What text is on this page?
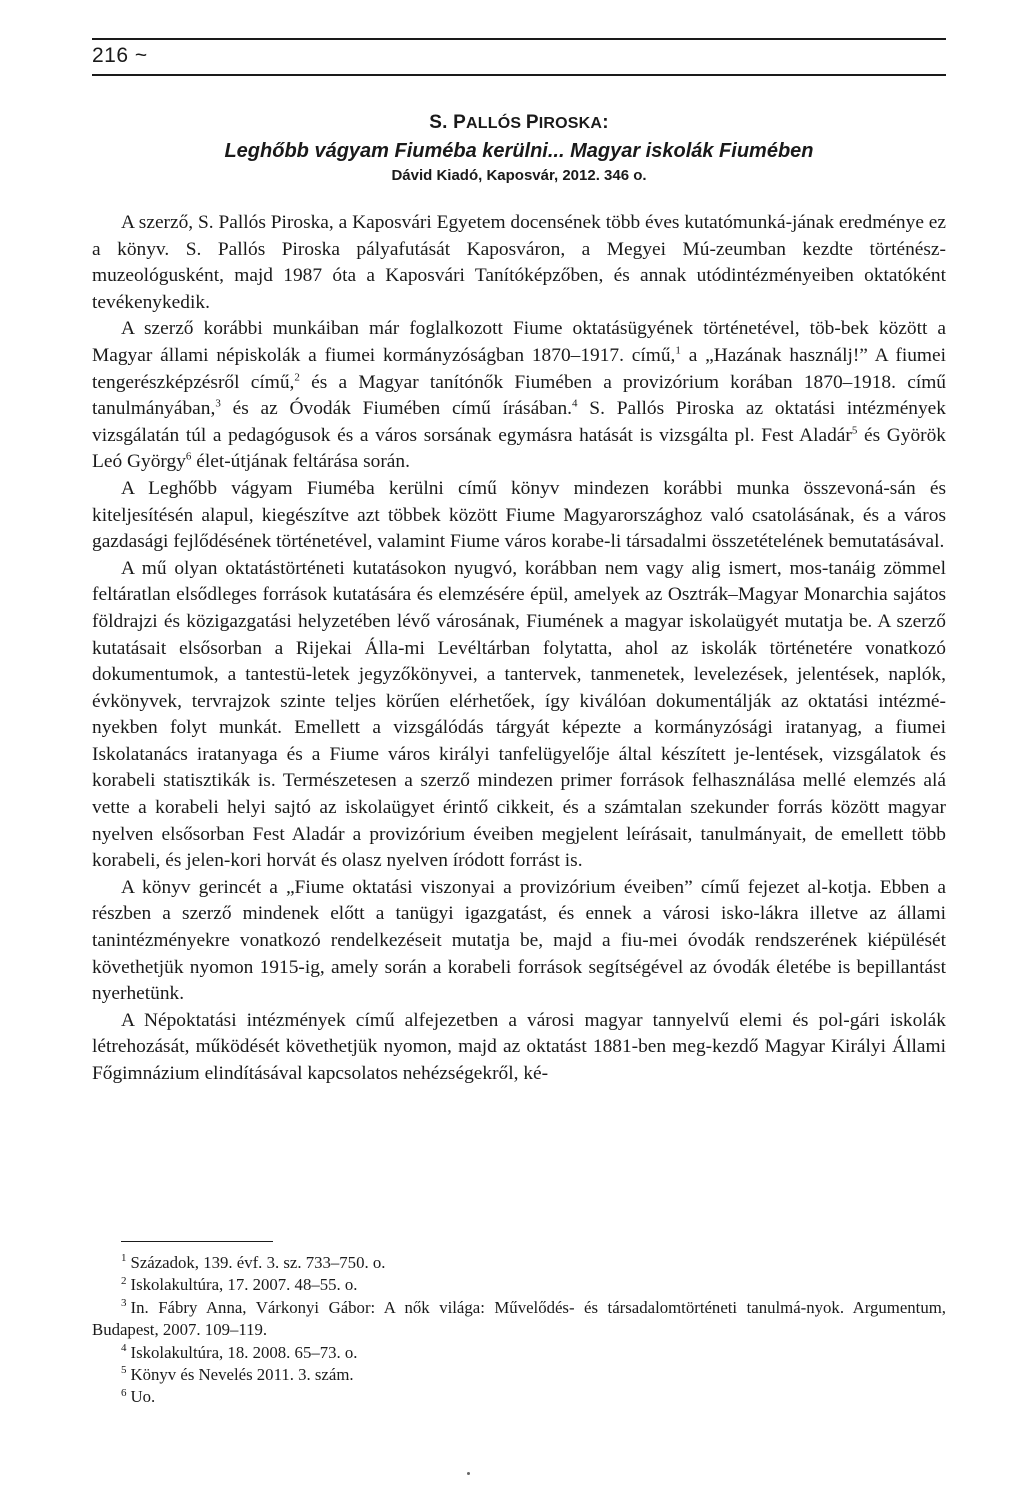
216 ~
S. PALLÓS PIROSKA:
Leghőbb vágyam Fiumébа kerülni... Magyar iskolák Fiumében
Dávid Kiadó, Kaposvár, 2012. 346 o.

A szerző, S. Pallós Piroska, a Kaposvári Egyetem docensének több éves kutatómunká-jának eredménye ez a könyv. S. Pallós Piroska pályafutását Kaposváron, a Megyei Mú-zeumban kezdte történész-muzeológusként, majd 1987 óta a Kaposvári Tanítóképzőben, és annak utódintézményeiben oktatóként tevékenykedik.

A szerző korábbi munkáiban már foglalkozott Fiume oktatásügyének történetével, töb-bek között a Magyar állami népiskolák a fiumei kormányzóságban 1870–1917. című,$^1$ a „Hazának használj!” A fiumei tengerészképzésről című,$^2$ és a Magyar tanítónők Fiumében a provizórium korában 1870–1918. című tanulmányában,$^3$ és az Óvodák Fiumében című írásában.$^4$ S. Pallós Piroska az oktatási intézmények vizsgálatán túl a pedagógusok és a város sorsának egymásra hatását is vizsgálta pl. Fest Aladár$^5$ és Györök Leó György$^6$ élet-útjának feltárása során.

A Leghőbb vágyam Fiumébа kerülni című könyv mindezen korábbi munka összevoná-sán és kiteljesítésén alapul, kiegészítve azt többek között Fiume Magyarországhoz való csatolásának, és a város gazdasági fejlődésének történetével, valamint Fiume város korabe-li társadalmi összetételének bemutatásával.

A mű olyan oktatástörténeti kutatásokon nyugvó, korábban nem vagy alig ismert, mos-tanáig zömmel feltáratlan elsődleges források kutatására és elemzésére épül, amelyek az Osztrák–Magyar Monarchia sajátos földrajzi és közigazgatási helyzetében lévő városának, Fiumének a magyar iskolaügyét mutatja be. A szerző kutatásait elsősorban a Rijekai Álla-mi Levéltárban folytatta, ahol az iskolák történetére vonatkozó dokumentumok, a tantestü-letek jegyzőkönyvei, a tantervek, tanmenetek, levelezések, jelentések, naplók, évkönyvek, tervrajzok szinte teljes körűen elérhetőek, így kiválóan dokumentálják az oktatási intézmé-nyekben folyt munkát. Emellett a vizsgálódás tárgyát képezte a kormányzósági iratanyag, a fiumei Iskolatanács iratanyaga és a Fiume város királyi tanfelügyelője által készített je-lentések, vizsgálatok és korabeli statisztikák is. Természetesen a szerző mindezen primer források felhasználása mellé elemzés alá vette a korabeli helyi sajtó az iskolaügyet érintő cikkeit, és a számtalan szekunder forrás között magyar nyelven elsősorban Fest Aladár a provizórium éveiben megjelent leírásait, tanulmányait, de emellett több korabeli, és jelen-kori horvát és olasz nyelven íródott forrást is.

A könyv gerincét a „Fiume oktatási viszonyai a provizórium éveiben” című fejezet al-kotja. Ebben a részben a szerző mindenek előtt a tanügyi igazgatást, és ennek a városi isko-lákra illetve az állami tanintézményekre vonatkozó rendelkezéseit mutatja be, majd a fiu-mei óvodák rendszerének kiépülését követhetjük nyomon 1915-ig, amely során a korabeli források segítségével az óvodák életébe is bepillantást nyerhetünk.

A Népoktatási intézmények című alfejezetben a városi magyar tannyelvű elemi és pol-gári iskolák létrehozását, működését követhetjük nyomon, majd az oktatást 1881-ben meg-kezdő Magyar Királyi Állami Főgimnázium elindításával kapcsolatos nehézségekről, ké-

$^1$ Századok, 139. évf. 3. sz. 733–750. o.

$^2$ Iskolakultúra, 17. 2007. 48–55. o.

$^3$ In. Fábry Anna, Várkonyi Gábor: A nők világa: Művelődés- és társadalomtörténeti tanulmá-nyok. Argumentum, Budapest, 2007. 109–119.

$^4$ Iskolakultúra, 18. 2008. 65–73. o.

$^5$ Könyv és Nevelés 2011. 3. szám.

$^6$ Uo.
